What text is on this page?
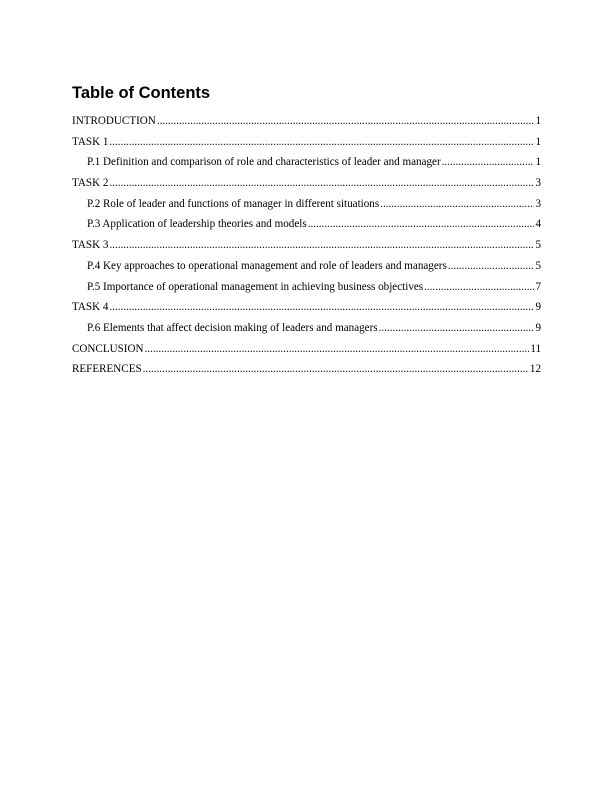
Table of Contents
INTRODUCTION .....	1
TASK 1 .....	1
P.1 Definition and comparison of role and characteristics of leader and manager .....	1
TASK 2 .....	3
P.2 Role of leader and functions of manager in different situations .....	3
P.3 Application of leadership theories and models .....	4
TASK 3 .....	5
P.4 Key approaches to operational management and role of leaders and managers .....	5
P.5 Importance of operational management in achieving business objectives .....	7
TASK 4 .....	9
P.6 Elements that affect decision making of leaders and managers .....	9
CONCLUSION .....	11
REFERENCES .....	12
